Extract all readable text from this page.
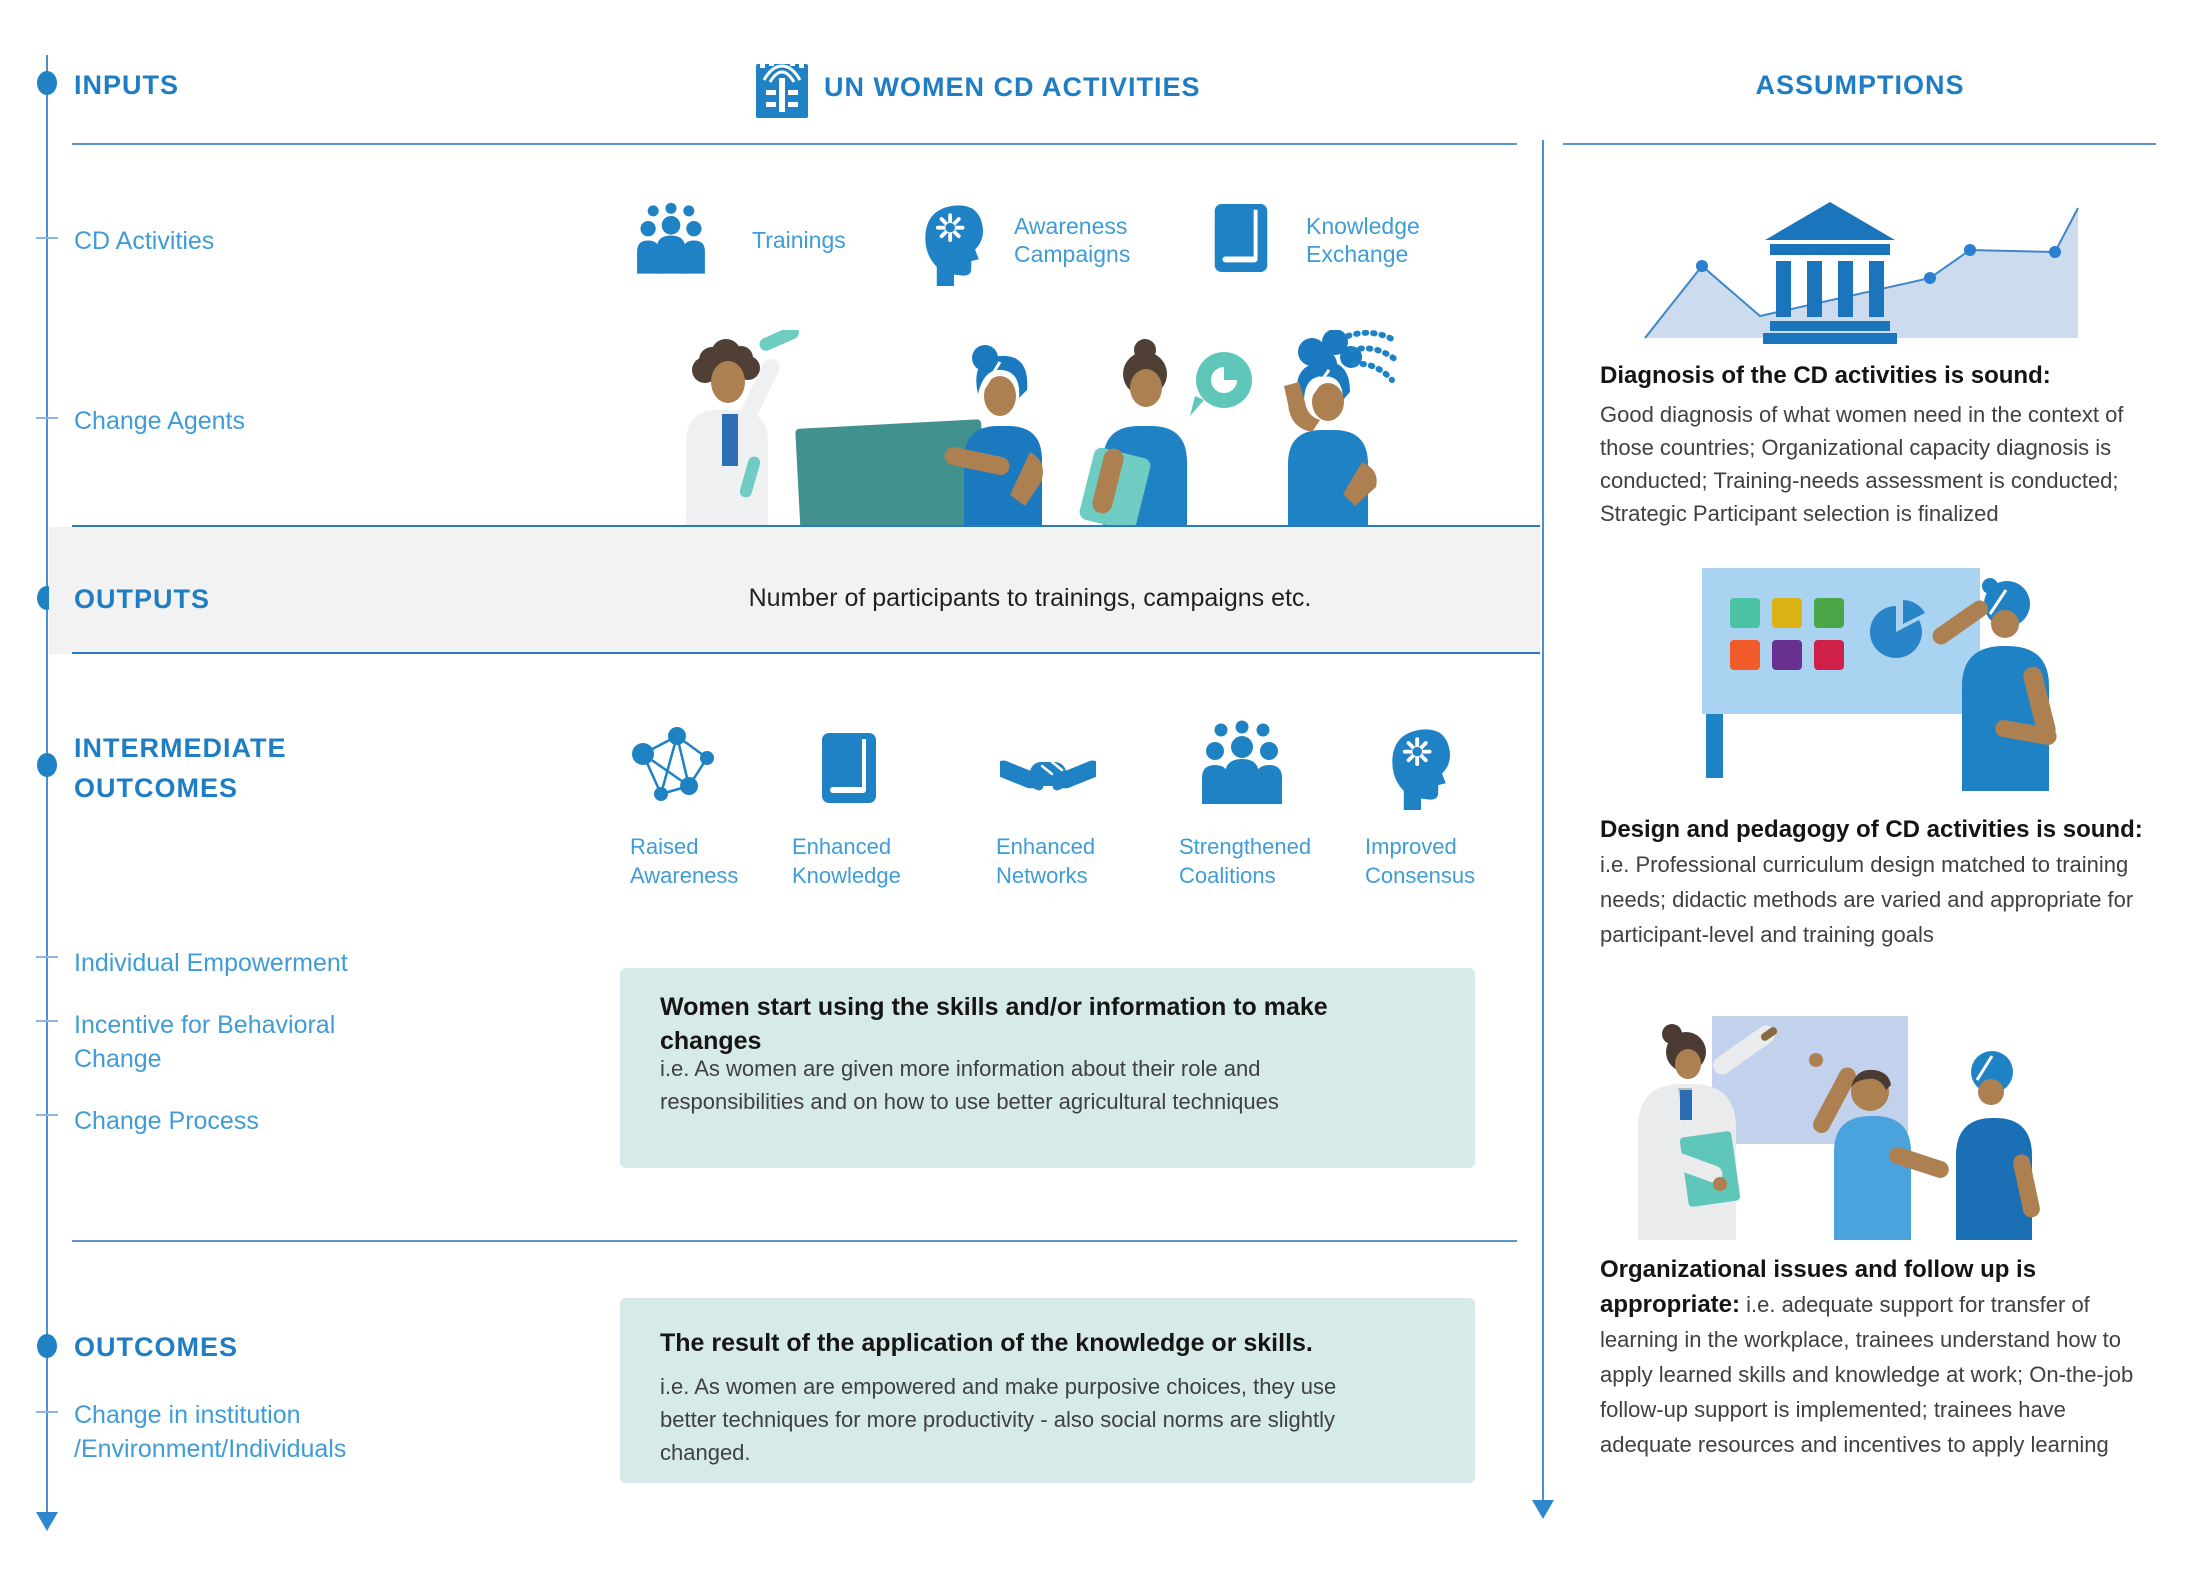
INPUTS	UN WOMEN CD ACTIVITIES	ASSUMPTIONS
CD Activities
Change Agents
Trainings
Awareness Campaigns
Knowledge Exchange
OUTPUTS	Number of participants to trainings, campaigns etc.
INTERMEDIATE OUTCOMES
Raised Awareness
Enhanced Knowledge
Enhanced Networks
Strengthened Coalitions
Improved Consensus
Individual Empowerment
Incentive for Behavioral Change
Change Process
Women start using the skills and/or information to make changes
i.e. As women are given more information about their role and responsibilities and on how to use better agricultural techniques
OUTCOMES
Change in institution /Environment/Individuals
The result of the application of the knowledge or skills.
i.e. As women are empowered and make purposive choices, they use better techniques for more productivity - also social norms are slightly changed.
Diagnosis of the CD activities is sound:
Good diagnosis of what women need in the context of those countries; Organizational capacity diagnosis is conducted; Training-needs assessment is conducted; Strategic Participant selection is finalized
Design and pedagogy of CD activities is sound: i.e. Professional curriculum design matched to training needs; didactic methods are varied and appropriate for participant-level and training goals
Organizational issues and follow up is appropriate: i.e. adequate support for transfer of learning in the workplace, trainees understand how to apply learned skills and knowledge at work; On-the-job follow-up support is implemented; trainees have adequate resources and incentives to apply learning
